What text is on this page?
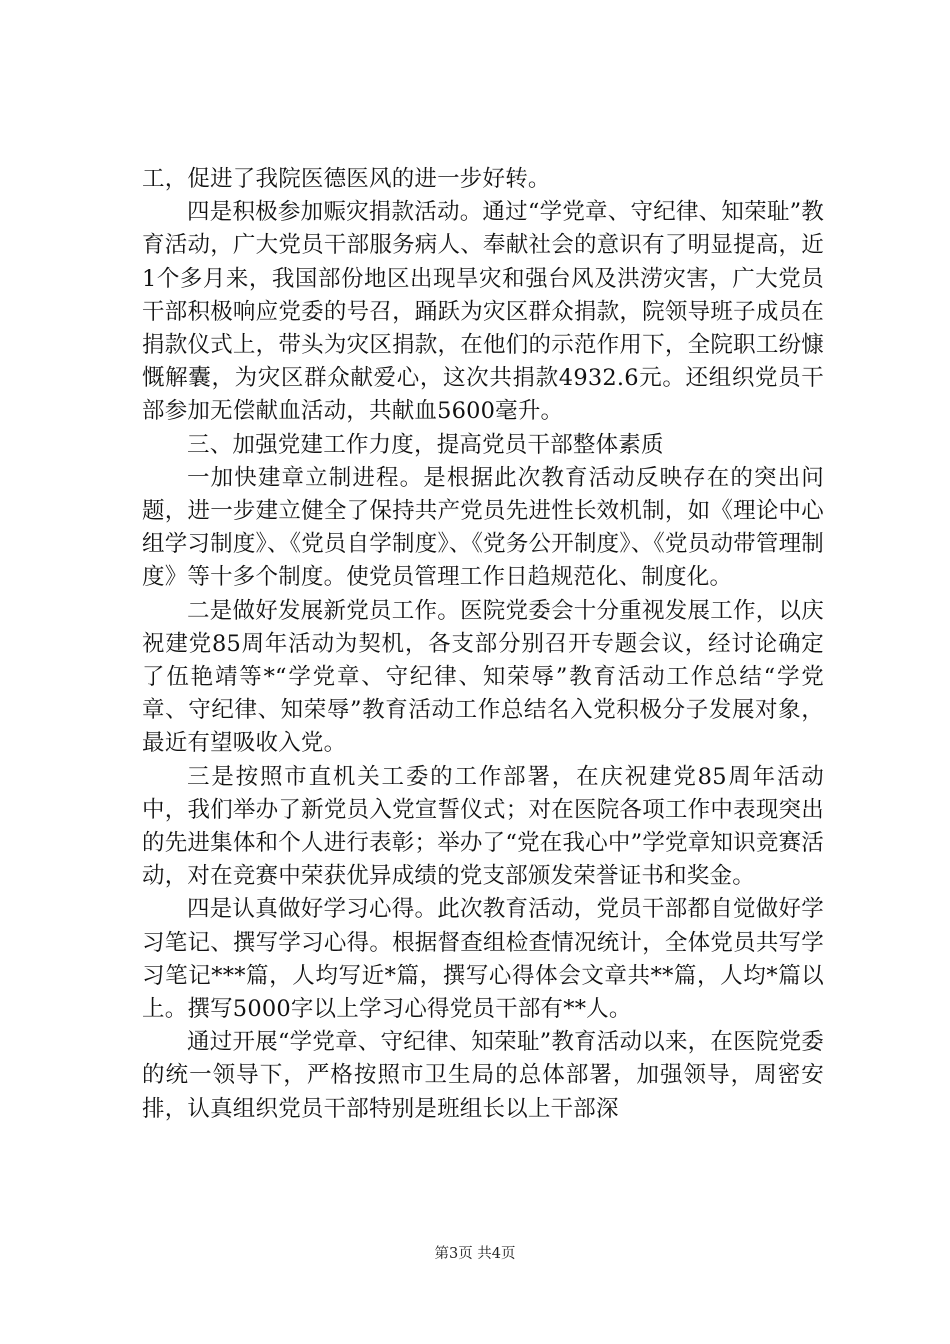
工，促进了我院医德医风的进一步好转。

四是积极参加赈灾捐款活动。通过“学党章、守纪律、知荣耻”教育活动，广大党员干部服务病人、奉献社会的意识有了明显提高，近1个多月来，我国部份地区出现旱灾和强台风及洪涝灾害，广大党员干部积极响应党委的号召，踊跃为灾区群众捐款，院领导班子成员在捐款仪式上，带头为灾区捐款，在他们的示范作用下，全院职工纷慷慨解囊，为灾区群众献爱心，这次共捐款4932.6元。还组织党员干部参加无偿献血活动，共献血5600毫升。

三、加强党建工作力度，提高党员干部整体素质

一加快建章立制进程。是根据此次教育活动反映存在的突出问题，进一步建立健全了保持共产党员先进性长效机制，如《理论中心组学习制度》、《党员自学制度》、《党务公开制度》、《党员动带管理制度》等十多个制度。使党员管理工作日趋规范化、制度化。

二是做好发展新党员工作。医院党委会十分重视发展工作，以庆祝建党85周年活动为契机，各支部分别召开专题会议，经讨论确定了伍艳靖等*“学党章、守纪律、知荣辱”教育活动工作总结“学党章、守纪律、知荣辱”教育活动工作总结名入党积极分子发展对象，最近有望吸收入党。

三是按照市直机关工委的工作部署，在庆祝建党85周年活动中，我们举办了新党员入党宣誓仪式；对在医院各项工作中表现突出的先进集体和个人进行表彰；举办了“党在我心中”学党章知识竞赛活动，对在竞赛中荣获优异成绩的党支部颁发荣誉证书和奖金。

四是认真做好学习心得。此次教育活动，党员干部都自觉做好学习笔记、撰写学习心得。根据督查组检查情况统计，全体党员共写学习笔记***篇，人均写近*篇，撰写心得体会文章共**篇，人均*篇以上。撰写5000字以上学习心得党员干部有**人。

通过开展“学党章、守纪律、知荣耻”教育活动以来，在医院党委的统一领导下，严格按照市卫生局的总体部署，加强领导，周密安排，认真组织党员干部特别是班组长以上干部深

第3页 共4页
